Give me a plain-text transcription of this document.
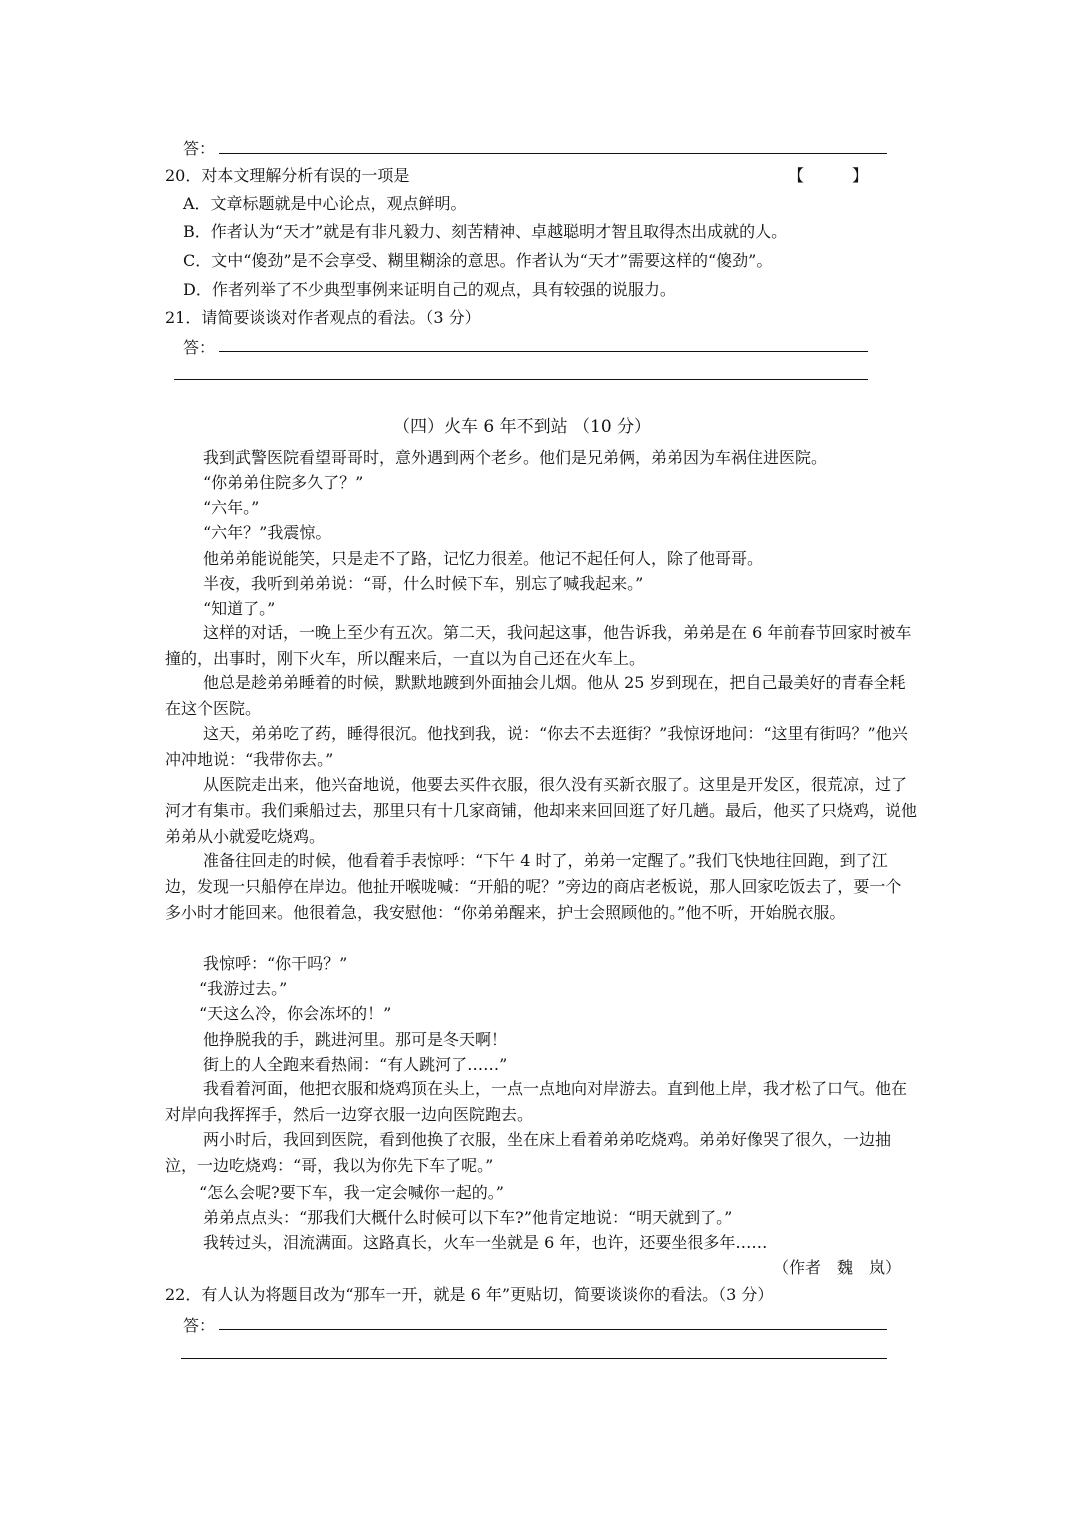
答：
20．对本文理解分析有误的一项是	【　　　】
A．文章标题就是中心论点，观点鲜明。
B．作者认为“天才”就是有非凡毅力、刻苦精神、卓越聪明才智且取得杰出成就的人。
C．文中“傻劲”是不会享受、糊里糊涂的意思。作者认为“天才”需要这样的“傻劲”。
D．作者列举了不少典型事例来证明自己的观点，具有较强的说服力。
21．请简要谈谈对作者观点的看法。（3 分）
答：
（四）火车 6 年不到站 （10 分）
我到武警医院看望哥哥时，意外遇到两个老乡。他们是兄弟俩，弟弟因为车祸住进医院。
“你弟弟住院多久了？”
“六年。”
“六年？”我震惊。
他弟弟能说能笑，只是走不了路，记忆力很差。他记不起任何人，除了他哥哥。
半夜，我听到弟弟说：“哥，什么时候下车，别忘了喊我起来。”
“知道了。”
这样的对话，一晚上至少有五次。第二天，我问起这事，他告诉我，弟弟是在 6 年前春节回家时被车撞的，出事时，刚下火车，所以醒来后，一直以为自己还在火车上。
他总是趁弟弟睡着的时候，默默地踱到外面抽会儿烟。他从 25 岁到现在，把自己最美好的青春全耗在这个医院。
这天，弟弟吃了药，睡得很沉。他找到我，说：“你去不去逛街？”我惊讶地问：“这里有街吗？”他兴冲冲地说：“我带你去。”
从医院走出来，他兴奋地说，他要去买件衣服，很久没有买新衣服了。这里是开发区，很荒凉，过了河才有集市。我们乘船过去，那里只有十几家商铺，他却来来回回逛了好几趟。最后，他买了只烧鸡，说他弟弟从小就爱吃烧鸡。
准备往回走的时候，他看着手表惊呼：“下午 4 时了，弟弟一定醒了。”我们飞快地往回跑，到了江边，发现一只船停在岸边。他扯开喉咙喊：“开船的呢？”旁边的商店老板说，那人回家吃饭去了，要一个多小时才能回来。他很着急，我安慰他：“你弟弟醒来，护士会照顾他的。”他不听，开始脱衣服。
我惊呼：“你干吗？”
“我游过去。”
“天这么冷，你会冻坏的！”
他挣脱我的手，跳进河里。那可是冬天啊！
街上的人全跑来看热闹：“有人跳河了……”
我看着河面，他把衣服和烧鸡顶在头上，一点一点地向对岸游去。直到他上岸，我才松了口气。他在对岸向我挥挥手，然后一边穿衣服一边向医院跑去。
两小时后，我回到医院，看到他换了衣服，坐在床上看着弟弟吃烧鸡。弟弟好像哭了很久，一边抽泣，一边吃烧鸡：“哥，我以为你先下车了呢。”
“怎么会呢?要下车，我一定会喊你一起的。”
弟弟点点头：“那我们大概什么时候可以下车?”他肯定地说：“明天就到了。”
我转过头，泪流满面。这路真长，火车一坐就是 6 年，也许，还要坐很多年……
（作者　魏　岚）
22．有人认为将题目改为“那车一开，就是 6 年”更贴切，简要谈谈你的看法。（3 分）
答：
